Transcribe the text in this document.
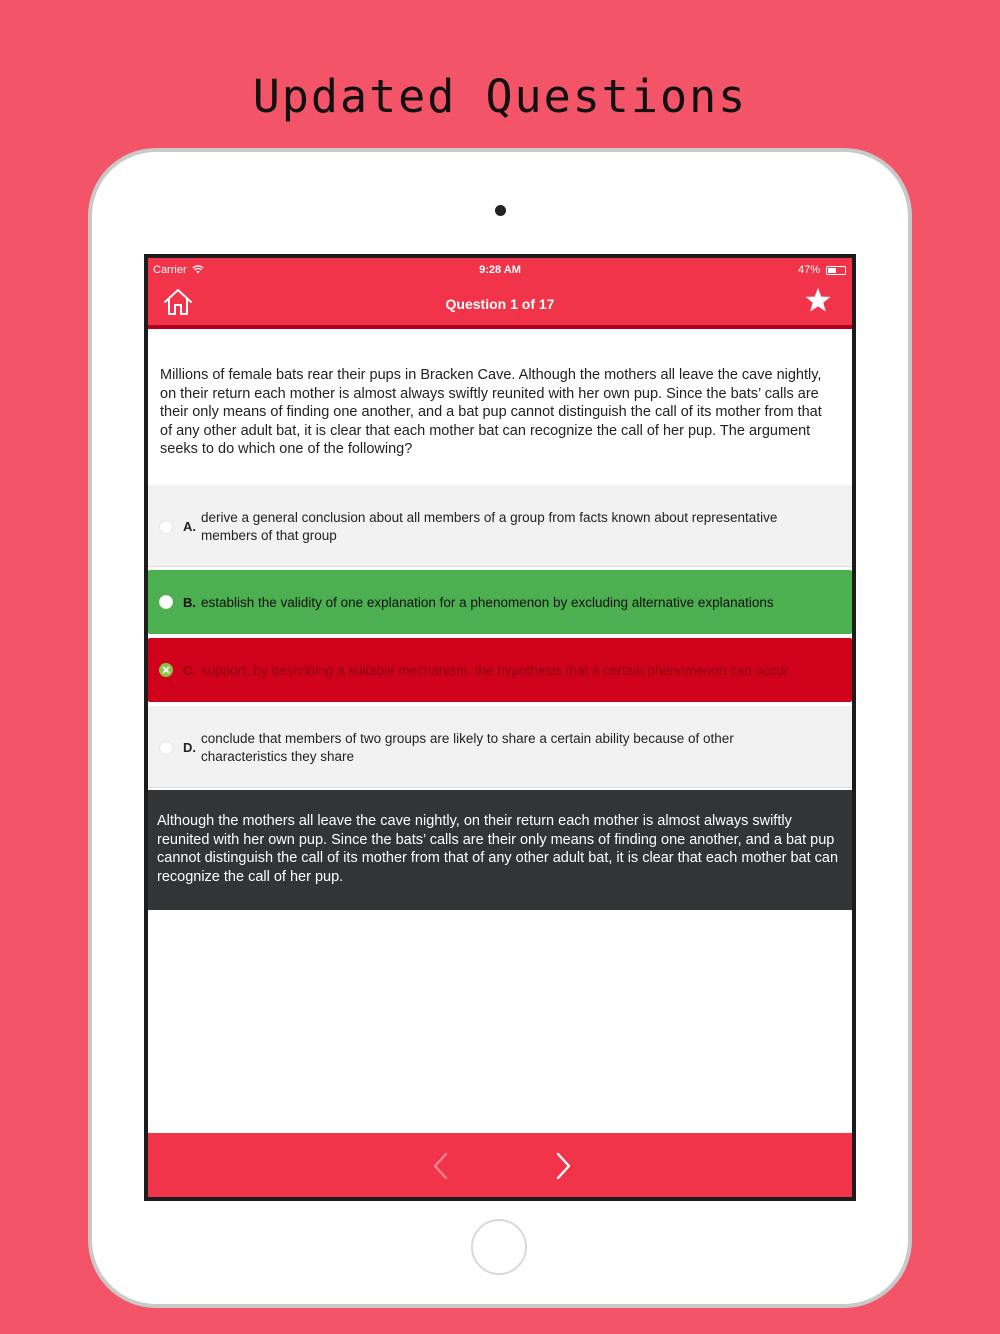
Updated Questions
Carrier	9:28 AM	47%
Question 1 of 17
Millions of female bats rear their pups in Bracken Cave. Although the mothers all leave the cave nightly, on their return each mother is almost always swiftly reunited with her own pup. Since the bats’ calls are their only means of finding one another, and a bat pup cannot distinguish the call of its mother from that of any other adult bat, it is clear that each mother bat can recognize the call of her pup. The argument seeks to do which one of the following?
A.
derive a general conclusion about all members of a group from facts known about representative members of that group
B. establish the validity of one explanation for a phenomenon by excluding alternative explanations
C. support, by describing a suitable mechanism, the hypothesis that a certain phenomenon can occur
D.
conclude that members of two groups are likely to share a certain ability because of other characteristics they share
Although the mothers all leave the cave nightly, on their return each mother is almost always swiftly reunited with her own pup. Since the bats’ calls are their only means of finding one another, and a bat pup cannot distinguish the call of its mother from that of any other adult bat, it is clear that each mother bat can recognize the call of her pup.
